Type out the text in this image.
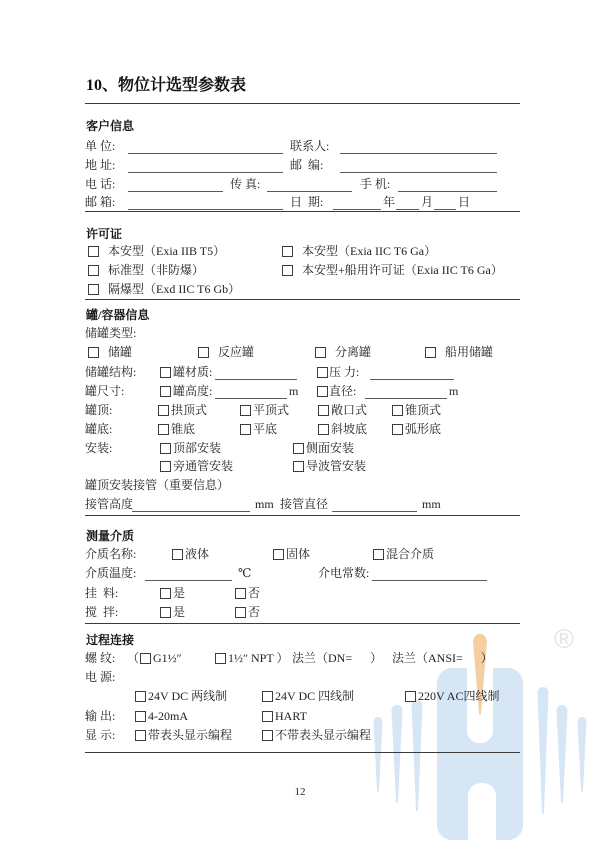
®
10、物位计选型参数表
客户信息
单 位:	联系人:
地 址:	邮  编:
电 话:	传 真:	手 机:
邮 箱:	日  期:	年 月 日
许可证
本安型（Exia IIB T5）	本安型（Exia IIC T6 Ga）
标准型（非防爆）	本安型+船用许可证（Exia IIC T6 Ga）
隔爆型（Exd IIC T6 Gb）
罐/容器信息
储罐类型:
储罐	反应罐	分离罐	船用储罐
储罐结构:	罐材质:	压 力:
罐尺寸:	罐高度:	m	直径:	m
罐顶:	拱顶式	平顶式	敞口式	锥顶式
罐底:	锥底	平底	斜坡底	弧形底
安装:	顶部安装	侧面安装
旁通管安装	导波管安装
罐顶安装接管（重要信息）
接管高度	mm 接管直径	mm
测量介质
介质名称:	液体	固体	混合介质
介质温度:	℃	介电常数:
挂  料:	是	否
搅  拌:	是	否
过程连接
螺 纹: （ G1½″	1½″ NPT ） 法兰（DN=      ） 法兰（ANSI=      ）
电 源:
24V DC 两线制	24V DC 四线制	220V AC四线制
输 出:	4-20mA	HART
显 示:	带表头显示编程	不带表头显示编程
12
